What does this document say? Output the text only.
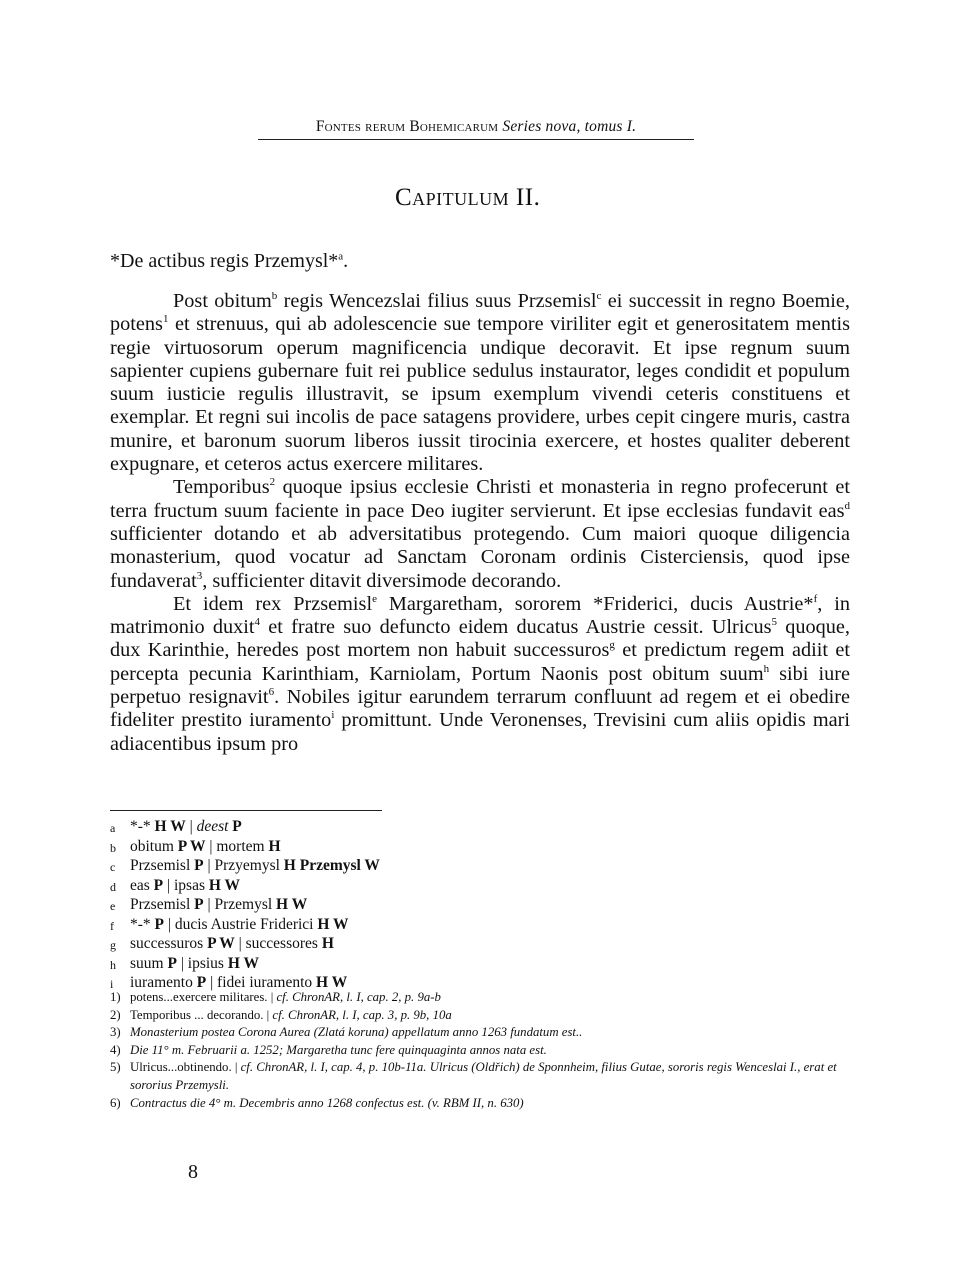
Fontes rerum Bohemicarum Series nova, tomus I.
Capitulum II.
*De actibus regis Przemysl*$^a$.

Post obitum$^b$ regis Wencezslai filius suus Przsemisl$^c$ ei successit in regno Boemie, potens$^1$ et strenuus, qui ab adolescencie sue tempore viriliter egit et generositatem mentis regie virtuosorum operum magnificencia undique decoravit. Et ipse regnum suum sapienter cupiens gubernare fuit rei publice sedulus instaurator, leges condidit et populum suum iusticie regulis illustravit, se ipsum exemplum vivendi ceteris constituens et exemplar. Et regni sui incolis de pace satagens providere, urbes cepit cingere muris, castra munire, et baronum suorum liberos iussit tirocinia exercere, et hostes qualiter deberent expugnare, et ceteros actus exercere militares.

Temporibus$^2$ quoque ipsius ecclesie Christi et monasteria in regno profecerunt et terra fructum suum faciente in pace Deo iugiter servierunt. Et ipse ecclesias fundavit eas$^d$ sufficienter dotando et ab adversitatibus protegendo. Cum maiori quoque diligencia monasterium, quod vocatur ad Sanctam Coronam ordinis Cisterciensis, quod ipse fundaverat$^3$, sufficienter ditavit diversimode decorando.

Et idem rex Przsemisl$^e$ Margaretham, sororem *Friderici, ducis Austrie*$^f$, in matrimonio duxit$^4$ et fratre suo defuncto eidem ducatus Austrie cessit. Ulricus$^5$ quoque, dux Karinthie, heredes post mortem non habuit successuros$^g$ et predictum regem adiit et percepta pecunia Karinthiam, Karniolam, Portum Naonis post obitum suum$^h$ sibi iure perpetuo resignavit$^6$. Nobiles igitur earundem terrarum confluunt ad regem et ei obedire fideliter prestito iuramento$^i$ promittunt. Unde Veronenses, Trevisini cum aliis opidis mari adiacentibus ipsum pro

a *-* H W | deest P
b obitum P W | mortem H
c Przsemisl P | Przyemysl H Przemysl W
d eas P | ipsas H W
e Przsemisl P | Przemysl H W
f	*-* P | ducis Austrie Friderici H W
g successuros P W | successores H
h suum P | ipsius H W
i	iuramento P | fidei iuramento H W
1) potens...exercere militares. | cf. ChronAR, l. I, cap. 2, p. 9a-b
2) Temporibus ... decorando. | cf. ChronAR, l. I, cap. 3, p. 9b, 10a
3) Monasterium postea Corona Aurea (Zlatá koruna) appellatum anno 1263 fundatum est..
4) Die 11° m. Februarii a. 1252; Margaretha tunc fere quinquaginta annos nata est.
5) Ulricus...obtinendo. | cf. ChronAR, l. I, cap. 4, p. 10b-11a. Ulricus (Oldřich) de Sponnheim, filius Gutae, sororis regis Wenceslai I., erat et sororius Przemysli.
6) Contractus die 4° m. Decembris anno 1268 confectus est. (v. RBM II, n. 630)
8
